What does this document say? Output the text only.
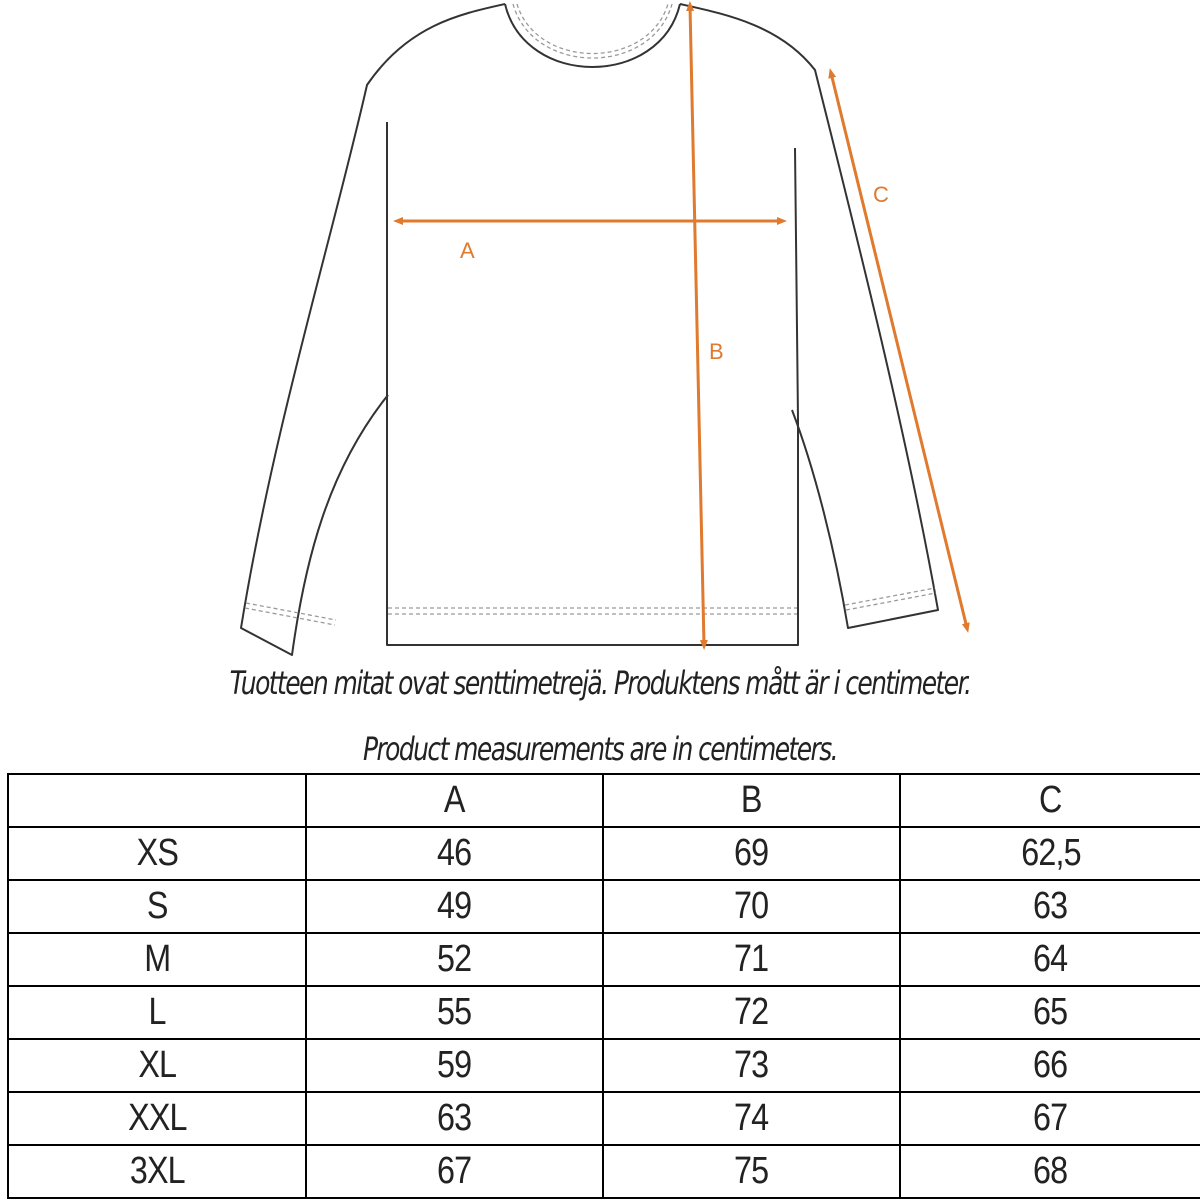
A
B
C
Tuotteen mitat ovat senttimetrejä. Produktens mått är i centimeter.
Product measurements are in centimeters.
	A	B	C
XS	46	69	62,5
S	49	70	63
M	52	71	64
L	55	72	65
XL	59	73	66
XXL	63	74	67
3XL	67	75	68
